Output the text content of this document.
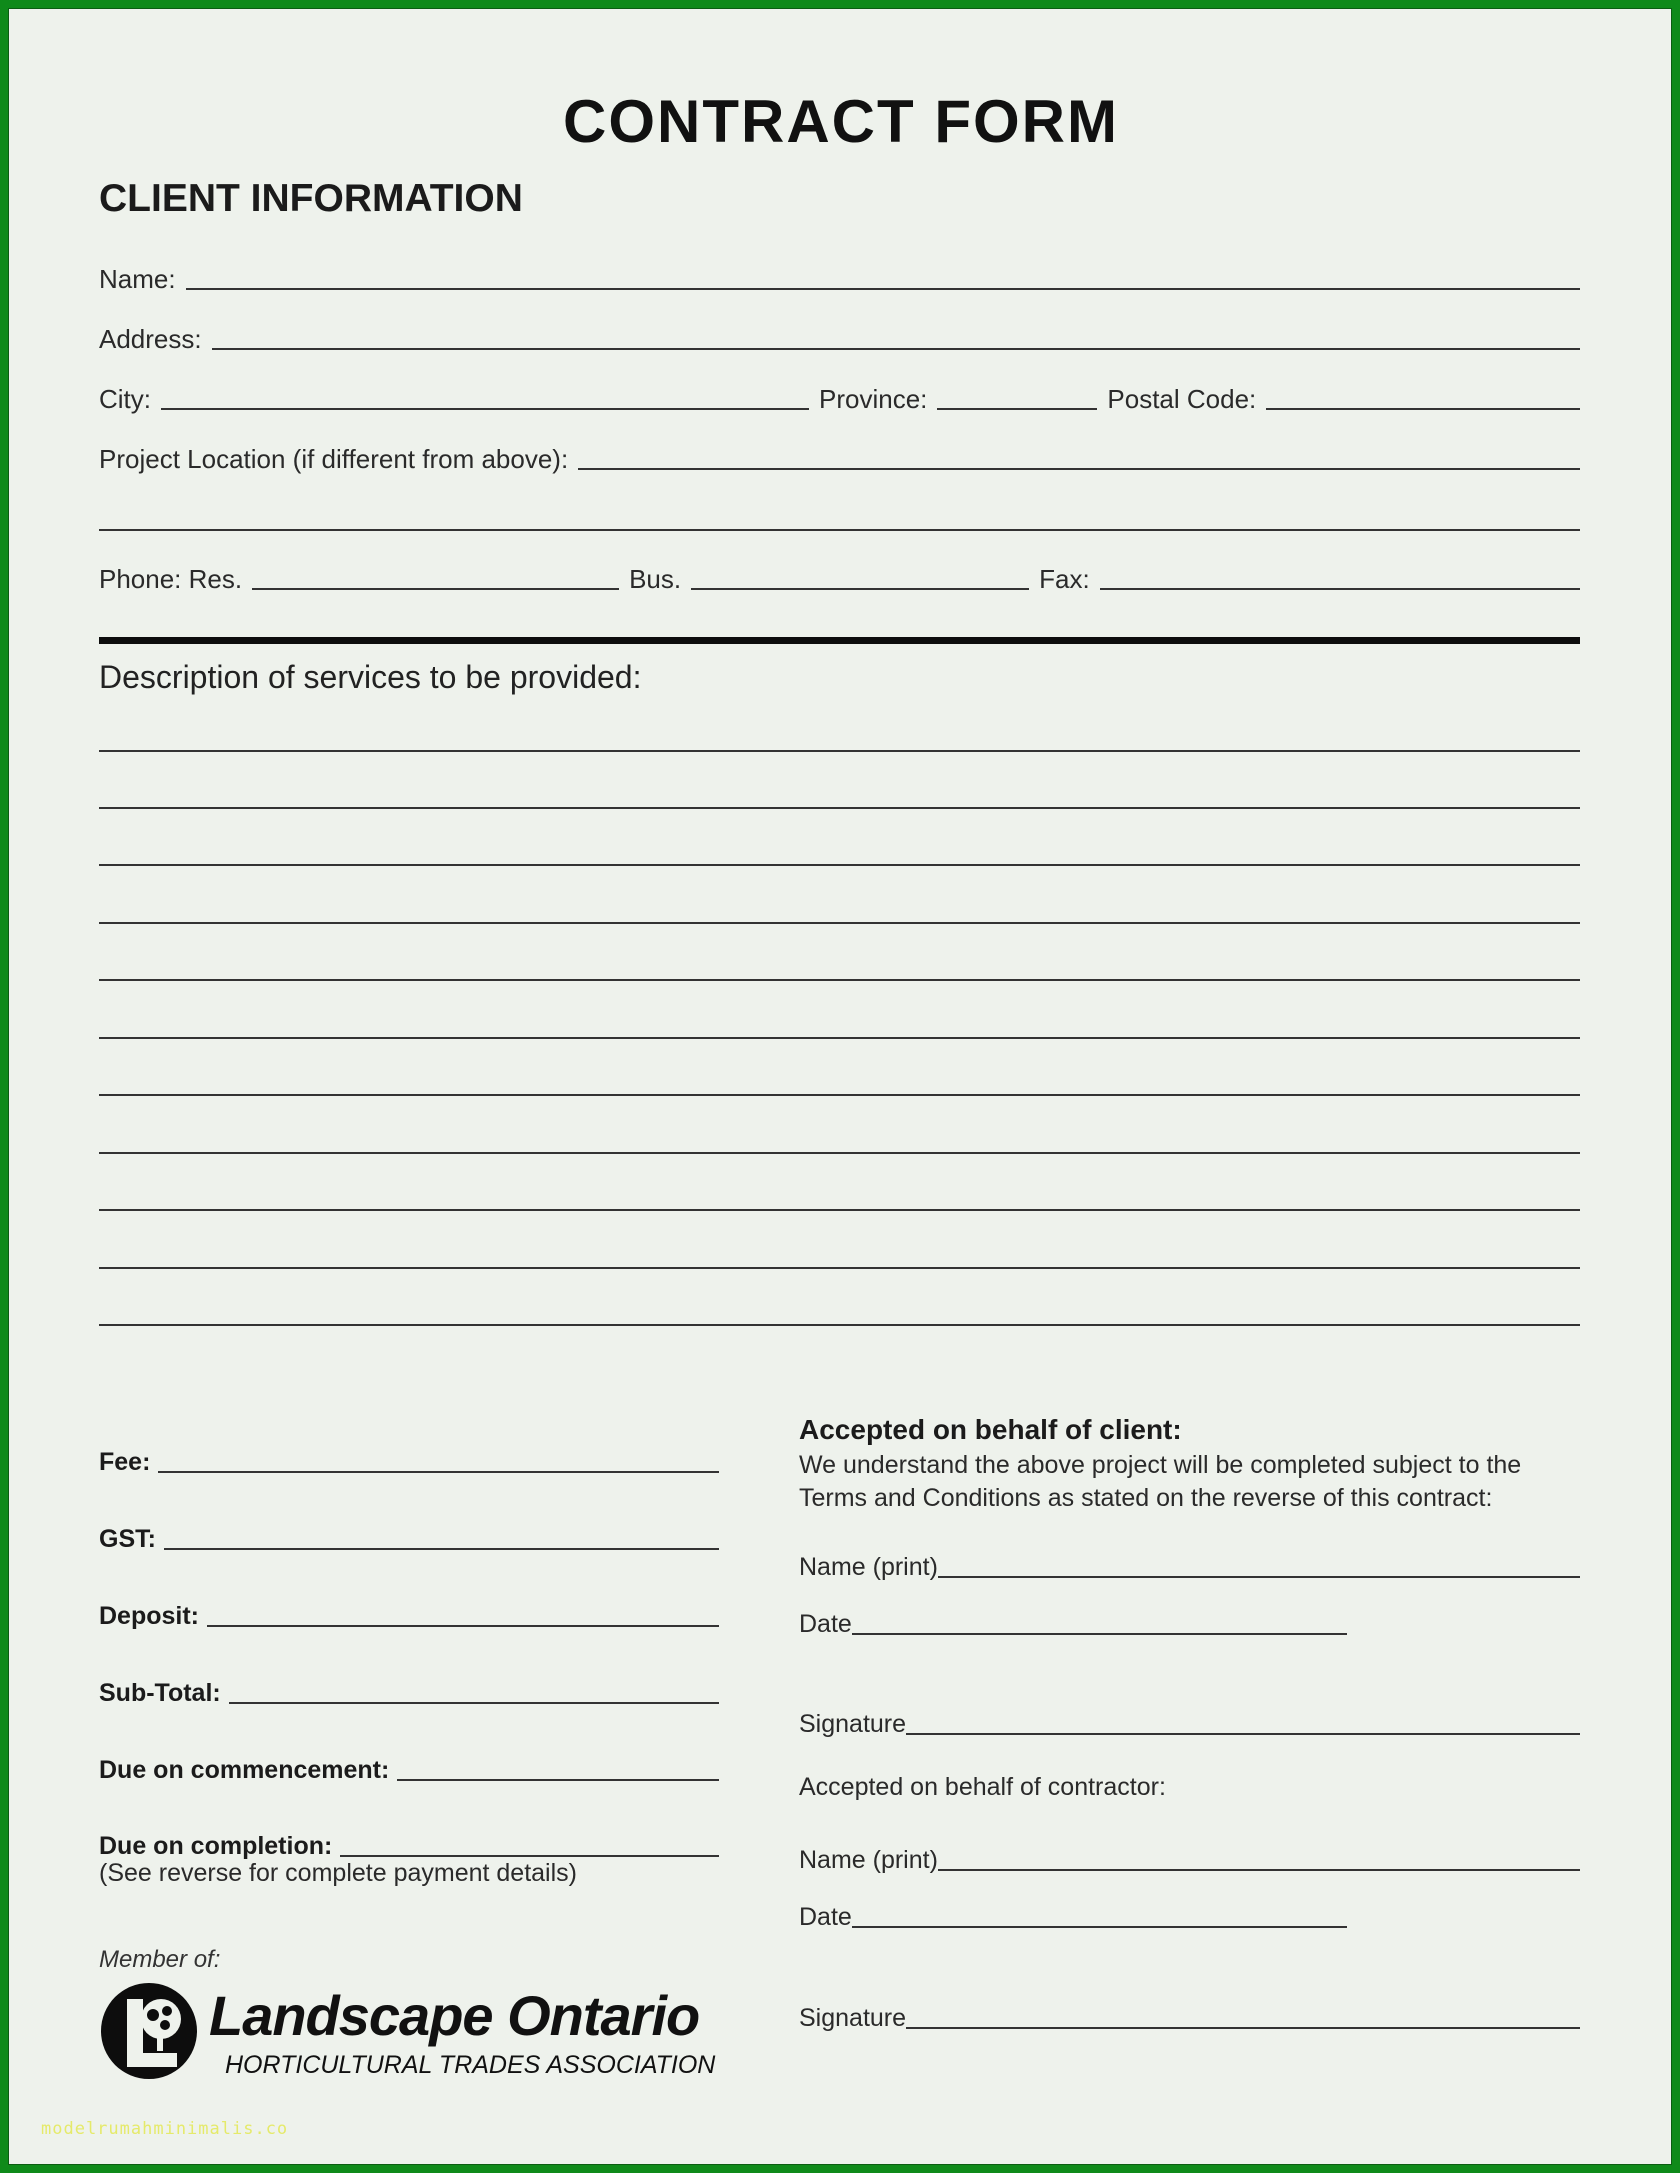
CONTRACT FORM
CLIENT INFORMATION
Name:
Address:
City:	Province:	Postal Code:
Project Location (if different from above):
Phone: Res.	Bus.	Fax:
Description of services to be provided:
Fee:
GST:
Deposit:
Sub-Total:
Due on commencement:
Due on completion:
(See reverse for complete payment details)
Member of:
Landscape Ontario
HORTICULTURAL TRADES ASSOCIATION
Accepted on behalf of client:
We understand the above project will be completed subject to the
Terms and Conditions as stated on the reverse of this contract:
Name (print)
Date
Signature
Accepted on behalf of contractor:
Name (print)
Date
Signature
modelrumahminimalis.co
